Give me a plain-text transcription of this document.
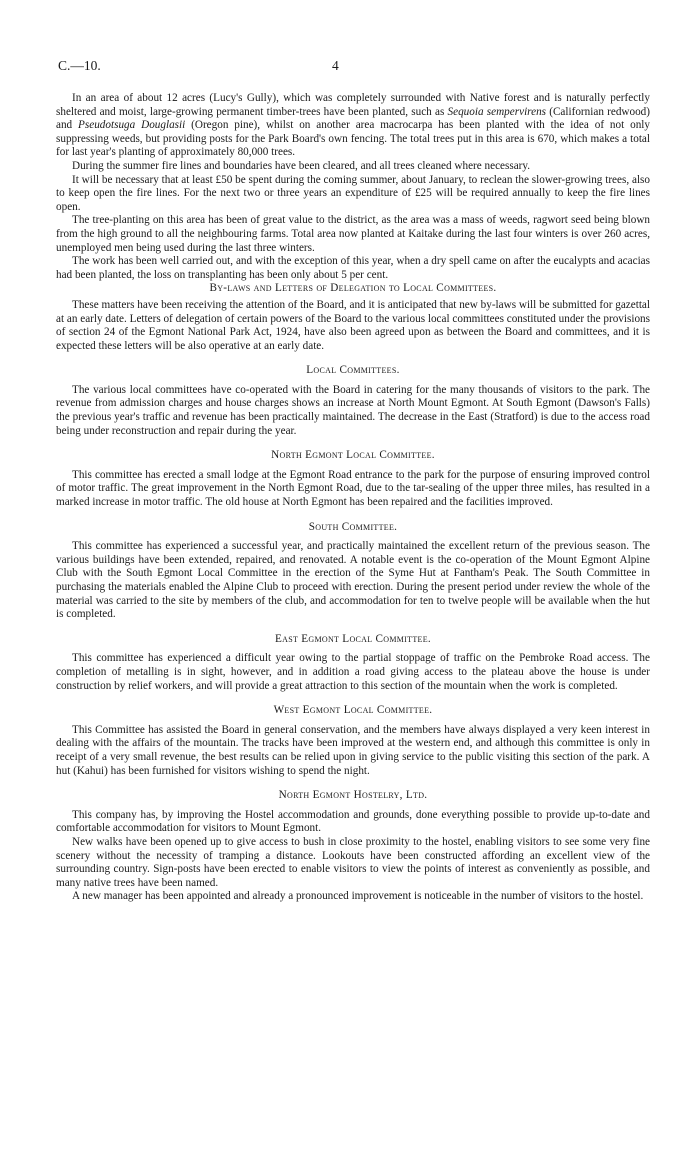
C.—10.	4

In an area of about 12 acres (Lucy's Gully), which was completely surrounded with Native forest and is naturally perfectly sheltered and moist, large-growing permanent timber-trees have been planted, such as Sequoia sempervirens (Californian redwood) and Pseudotsuga Douglasii (Oregon pine), whilst on another area macrocarpa has been planted with the idea of not only suppressing weeds, but providing posts for the Park Board's own fencing. The total trees put in this area is 670, which makes a total for last year's planting of approximately 80,000 trees.

During the summer fire lines and boundaries have been cleared, and all trees cleaned where necessary.

It will be necessary that at least £50 be spent during the coming summer, about January, to reclean the slower-growing trees, also to keep open the fire lines. For the next two or three years an expenditure of £25 will be required annually to keep the fire lines open.

The tree-planting on this area has been of great value to the district, as the area was a mass of weeds, ragwort seed being blown from the high ground to all the neighbouring farms. Total area now planted at Kaitake during the last four winters is over 260 acres, unemployed men being used during the last three winters.

The work has been well carried out, and with the exception of this year, when a dry spell came on after the eucalypts and acacias had been planted, the loss on transplanting has been only about 5 per cent.

By-laws and Letters of Delegation to Local Committees.

These matters have been receiving the attention of the Board, and it is anticipated that new by-laws will be submitted for gazettal at an early date. Letters of delegation of certain powers of the Board to the various local committees constituted under the provisions of section 24 of the Egmont National Park Act, 1924, have also been agreed upon as between the Board and committees, and it is expected these letters will be also operative at an early date.

Local Committees.

The various local committees have co-operated with the Board in catering for the many thousands of visitors to the park. The revenue from admission charges and house charges shows an increase at North Mount Egmont. At South Egmont (Dawson's Falls) the previous year's traffic and revenue has been practically maintained. The decrease in the East (Stratford) is due to the access road being under reconstruction and repair during the year.

North Egmont Local Committee.

This committee has erected a small lodge at the Egmont Road entrance to the park for the purpose of ensuring improved control of motor traffic. The great improvement in the North Egmont Road, due to the tar-sealing of the upper three miles, has resulted in a marked increase in motor traffic. The old house at North Egmont has been repaired and the facilities improved.

South Committee.

This committee has experienced a successful year, and practically maintained the excellent return of the previous season. The various buildings have been extended, repaired, and renovated. A notable event is the co-operation of the Mount Egmont Alpine Club with the South Egmont Local Committee in the erection of the Syme Hut at Fantham's Peak. The South Committee in purchasing the materials enabled the Alpine Club to proceed with erection. During the present period under review the whole of the material was carried to the site by members of the club, and accommodation for ten to twelve people will be available when the hut is completed.

East Egmont Local Committee.

This committee has experienced a difficult year owing to the partial stoppage of traffic on the Pembroke Road access. The completion of metalling is in sight, however, and in addition a road giving access to the plateau above the house is under construction by relief workers, and will provide a great attraction to this section of the mountain when the work is completed.

West Egmont Local Committee.

This Committee has assisted the Board in general conservation, and the members have always displayed a very keen interest in dealing with the affairs of the mountain. The tracks have been improved at the western end, and although this committee is only in receipt of a very small revenue, the best results can be relied upon in giving service to the public visiting this section of the park. A hut (Kahui) has been furnished for visitors wishing to spend the night.

North Egmont Hostelry, Ltd.

This company has, by improving the Hostel accommodation and grounds, done everything possible to provide up-to-date and comfortable accommodation for visitors to Mount Egmont.

New walks have been opened up to give access to bush in close proximity to the hostel, enabling visitors to see some very fine scenery without the necessity of tramping a distance. Lookouts have been constructed affording an excellent view of the surrounding country. Sign-posts have been erected to enable visitors to view the points of interest as conveniently as possible, and many native trees have been named.

A new manager has been appointed and already a pronounced improvement is noticeable in the number of visitors to the hostel.
